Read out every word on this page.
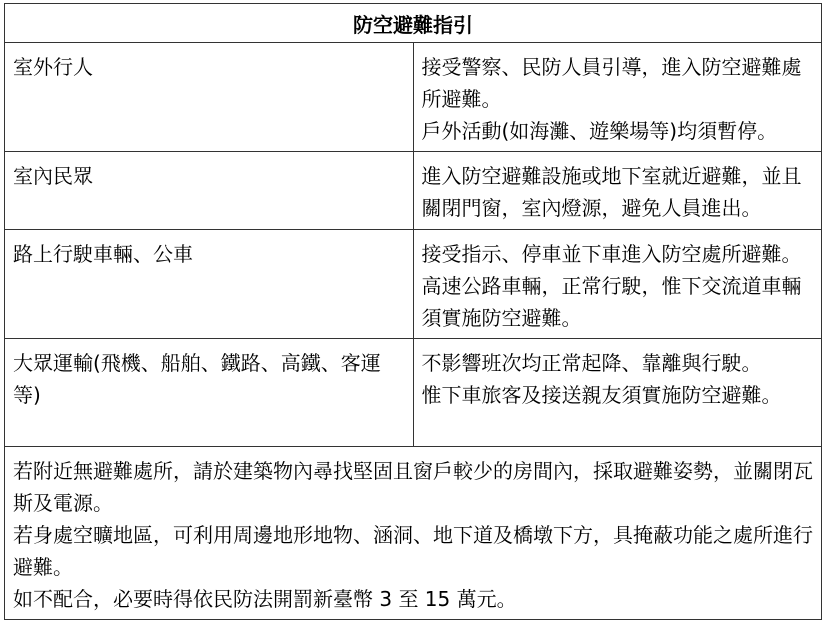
防空避難指引	
室外行人	接受警察、民防人員引導，進入防空避難處所避難。
戶外活動(如海灘、遊樂場等)均須暫停。

室內民眾	進入防空避難設施或地下室就近避難，並且關閉門窗，室內燈源，避免人員進出。

路上行駛車輛、公車	接受指示、停車並下車進入防空處所避難。
高速公路車輛，正常行駛，惟下交流道車輛須實施防空避難。

大眾運輸(飛機、船舶、鐵路、高鐵、客運等)	不影響班次均正常起降、靠離與行駛。
惟下車旅客及接送親友須實施防空避難。

若附近無避難處所，請於建築物內尋找堅固且窗戶較少的房間內，採取避難姿勢，並關閉瓦斯及電源。
若身處空曠地區，可利用周邊地形地物、涵洞、地下道及橋墩下方，具掩蔽功能之處所進行避難。
如不配合，必要時得依民防法開罰新臺幣 3 至 15 萬元。	
